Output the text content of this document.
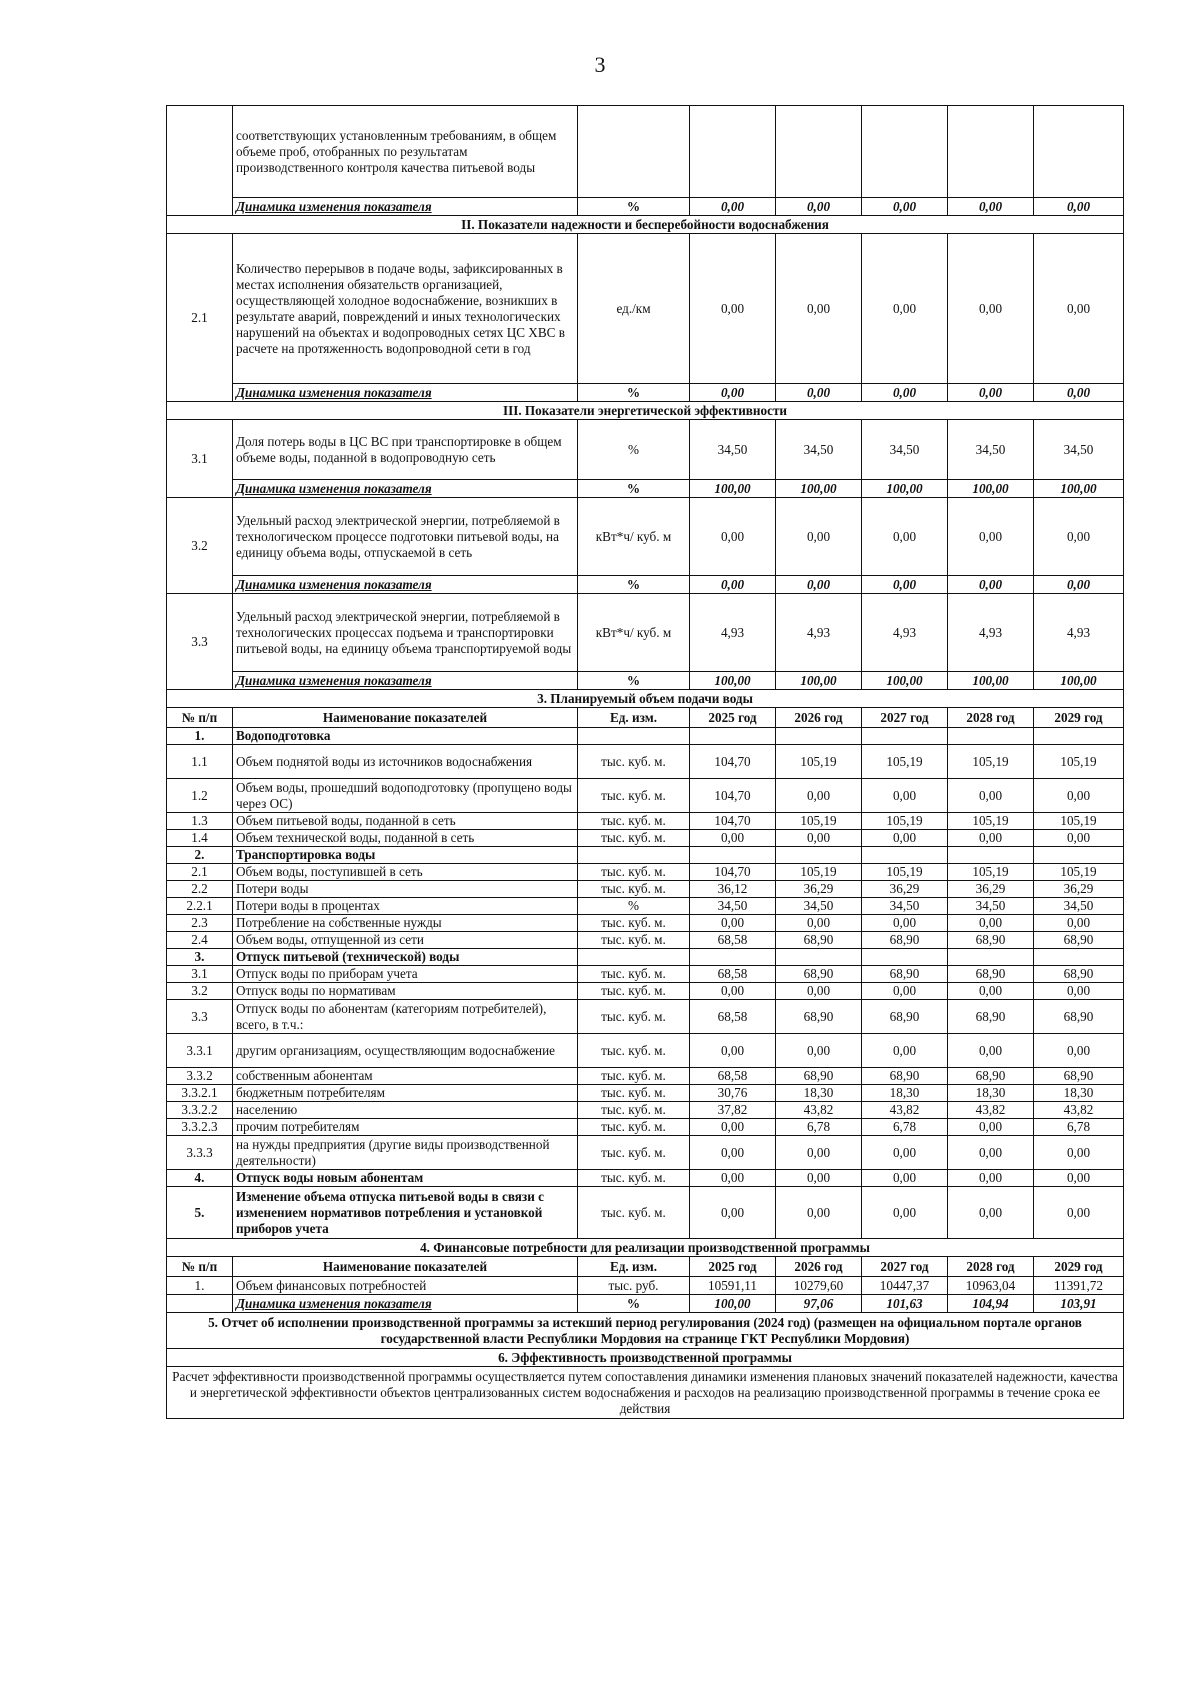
3
	соответствующих установленным требованиям, в общем объеме проб, отобранных по результатам производственного контроля качества питьевой воды						
	Динамика изменения показателя	%	0,00	0,00	0,00	0,00	0,00
II. Показатели надежности и бесперебойности водоснабжения							
2.1	Количество перерывов в подаче воды, зафиксированных в местах исполнения обязательств организацией, осуществляющей холодное водоснабжение, возникших в результате аварий, повреждений и иных технологических нарушений на объектах и водопроводных сетях ЦС ХВС в расчете на протяженность водопроводной сети в год	ед./км	0,00	0,00	0,00	0,00	0,00
	Динамика изменения показателя	%	0,00	0,00	0,00	0,00	0,00
III. Показатели энергетической эффективности							
3.1	Доля потерь воды в ЦС ВС при транспортировке в общем объеме воды, поданной в водопроводную сеть	%	34,50	34,50	34,50	34,50	34,50
	Динамика изменения показателя	%	100,00	100,00	100,00	100,00	100,00
3.2	Удельный расход электрической энергии, потребляемой в технологическом процессе подготовки питьевой воды, на единицу объема воды, отпускаемой в сеть	кВт*ч/ куб. м	0,00	0,00	0,00	0,00	0,00
	Динамика изменения показателя	%	0,00	0,00	0,00	0,00	0,00
3.3	Удельный расход электрической энергии, потребляемой в технологических процессах подъема и транспортировки питьевой воды, на единицу объема транспортируемой воды	кВт*ч/ куб. м	4,93	4,93	4,93	4,93	4,93
	Динамика изменения показателя	%	100,00	100,00	100,00	100,00	100,00
3. Планируемый объем подачи воды							
№ п/п	Наименование показателей	Ед. изм.	2025 год	2026 год	2027 год	2028 год	2029 год
1.	Водоподготовка						
1.1	Объем поднятой воды из источников водоснабжения	тыс. куб. м.	104,70	105,19	105,19	105,19	105,19
1.2	Объем воды, прошедший водоподготовку (пропущено воды через ОС)	тыс. куб. м.	104,70	0,00	0,00	0,00	0,00
1.3	Объем питьевой воды, поданной в сеть	тыс. куб. м.	104,70	105,19	105,19	105,19	105,19
1.4	Объем технической воды, поданной в сеть	тыс. куб. м.	0,00	0,00	0,00	0,00	0,00
2.	Транспортировка воды						
2.1	Объем воды, поступившей в сеть	тыс. куб. м.	104,70	105,19	105,19	105,19	105,19
2.2	Потери воды	тыс. куб. м.	36,12	36,29	36,29	36,29	36,29
2.2.1	Потери воды в процентах	%	34,50	34,50	34,50	34,50	34,50
2.3	Потребление на собственные нужды	тыс. куб. м.	0,00	0,00	0,00	0,00	0,00
2.4	Объем воды, отпущенной из сети	тыс. куб. м.	68,58	68,90	68,90	68,90	68,90
3.	Отпуск питьевой (технической) воды						
3.1	Отпуск воды по приборам учета	тыс. куб. м.	68,58	68,90	68,90	68,90	68,90
3.2	Отпуск воды по нормативам	тыс. куб. м.	0,00	0,00	0,00	0,00	0,00
3.3	Отпуск воды по абонентам (категориям потребителей), всего, в т.ч.:	тыс. куб. м.	68,58	68,90	68,90	68,90	68,90
3.3.1	другим организациям, осуществляющим водоснабжение	тыс. куб. м.	0,00	0,00	0,00	0,00	0,00
3.3.2	собственным абонентам	тыс. куб. м.	68,58	68,90	68,90	68,90	68,90
3.3.2.1	бюджетным потребителям	тыс. куб. м.	30,76	18,30	18,30	18,30	18,30
3.3.2.2	населению	тыс. куб. м.	37,82	43,82	43,82	43,82	43,82
3.3.2.3	прочим потребителям	тыс. куб. м.	0,00	6,78	6,78	0,00	6,78
3.3.3	на нужды предприятия (другие виды производственной деятельности)	тыс. куб. м.	0,00	0,00	0,00	0,00	0,00
4.	Отпуск воды новым абонентам	тыс. куб. м.	0,00	0,00	0,00	0,00	0,00
5.	Изменение объема отпуска питьевой воды в связи с изменением нормативов потребления и установкой приборов учета	тыс. куб. м.	0,00	0,00	0,00	0,00	0,00
4. Финансовые потребности для реализации производственной программы							
№ п/п	Наименование показателей	Ед. изм.	2025 год	2026 год	2027 год	2028 год	2029 год
1.	Объем финансовых потребностей	тыс. руб.	10591,11	10279,60	10447,37	10963,04	11391,72
	Динамика изменения показателя	%	100,00	97,06	101,63	104,94	103,91
5. Отчет об исполнении производственной программы за истекший период регулирования (2024 год) (размещен на официальном портале органов государственной власти Республики Мордовия на странице ГКТ Республики Мордовия)							
6. Эффективность производственной программы							
Расчет эффективности производственной программы осуществляется путем сопоставления динамики изменения плановых значений показателей надежности, качества и энергетической эффективности объектов централизованных систем водоснабжения и расходов на реализацию производственной программы в течение срока ее действия							
